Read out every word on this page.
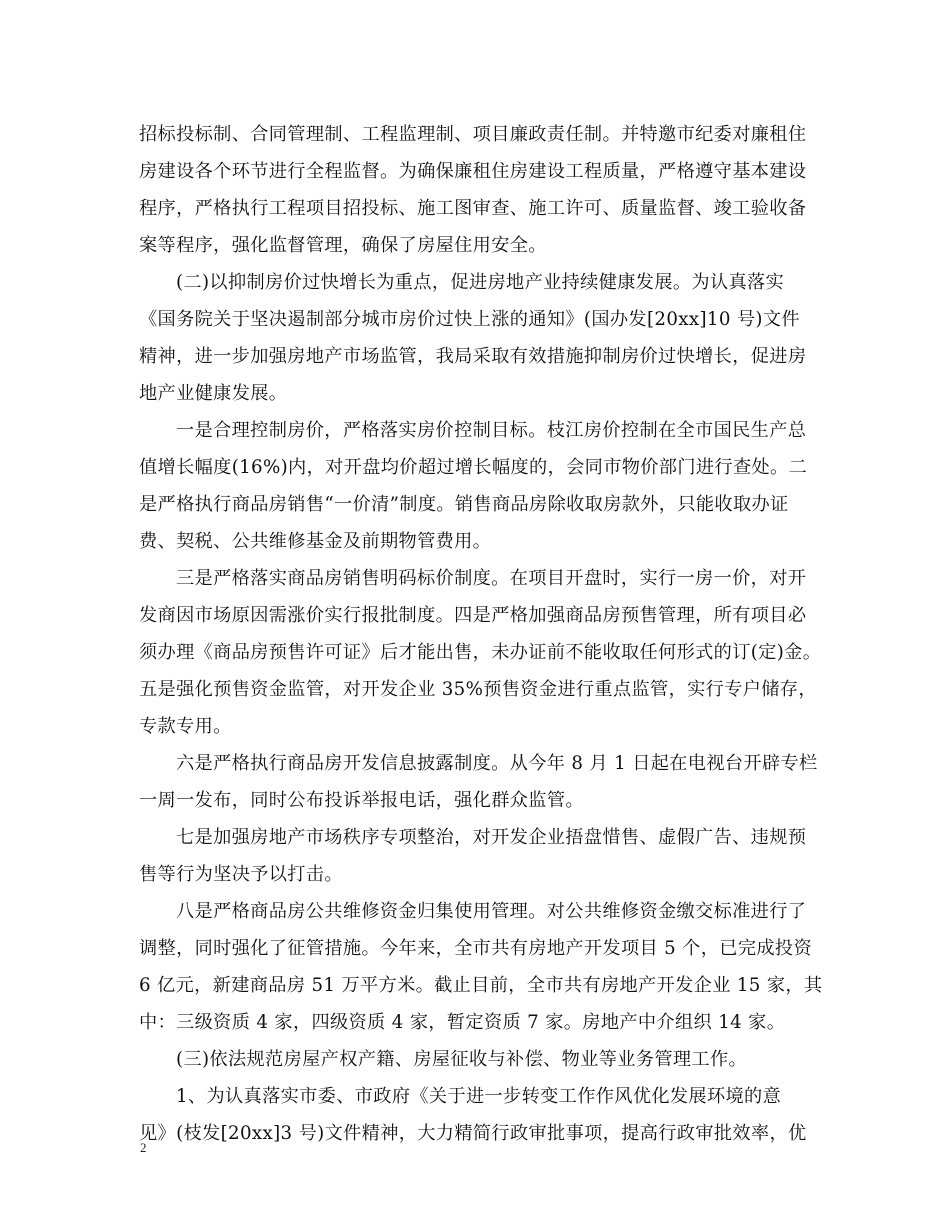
招标投标制、合同管理制、工程监理制、项目廉政责任制。并特邀市纪委对廉租住
房建设各个环节进行全程监督。为确保廉租住房建设工程质量，严格遵守基本建设
程序，严格执行工程项目招投标、施工图审查、施工许可、质量监督、竣工验收备
案等程序，强化监督管理，确保了房屋住用安全。
(二)以抑制房价过快增长为重点，促进房地产业持续健康发展。为认真落实
《国务院关于坚决遏制部分城市房价过快上涨的通知》(国办发[20xx]10 号)文件
精神，进一步加强房地产市场监管，我局采取有效措施抑制房价过快增长，促进房
地产业健康发展。
一是合理控制房价，严格落实房价控制目标。枝江房价控制在全市国民生产总
值增长幅度(16%)内，对开盘均价超过增长幅度的，会同市物价部门进行查处。二
是严格执行商品房销售“一价清”制度。销售商品房除收取房款外，只能收取办证
费、契税、公共维修基金及前期物管费用。
三是严格落实商品房销售明码标价制度。在项目开盘时，实行一房一价，对开
发商因市场原因需涨价实行报批制度。四是严格加强商品房预售管理，所有项目必
须办理《商品房预售许可证》后才能出售，未办证前不能收取任何形式的订(定)金。
五是强化预售资金监管，对开发企业 35%预售资金进行重点监管，实行专户储存，
专款专用。
六是严格执行商品房开发信息披露制度。从今年 8 月 1 日起在电视台开辟专栏
一周一发布，同时公布投诉举报电话，强化群众监管。
七是加强房地产市场秩序专项整治，对开发企业捂盘惜售、虚假广告、违规预
售等行为坚决予以打击。
八是严格商品房公共维修资金归集使用管理。对公共维修资金缴交标准进行了
调整，同时强化了征管措施。今年来，全市共有房地产开发项目 5 个，已完成投资
6 亿元，新建商品房 51 万平方米。截止目前，全市共有房地产开发企业 15 家，其
中：三级资质 4 家，四级资质 4 家，暂定资质 7 家。房地产中介组织 14 家。
(三)依法规范房屋产权产籍、房屋征收与补偿、物业等业务管理工作。
1、为认真落实市委、市政府《关于进一步转变工作作风优化发展环境的意
见》(枝发[20xx]3 号)文件精神，大力精简行政审批事项，提高行政审批效率，优
2
